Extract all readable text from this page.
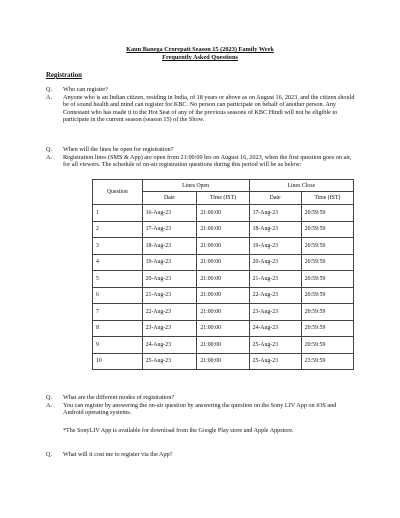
Kaun Banega Crorepati Season 15 (2023) Family Week
Frequently Asked Questions
Registration
Q.	Who can register?
A.	Anyone who is an Indian citizen, residing in India, of 18 years or above as on August 16, 2023, and the citizen should be of sound health and mind can register for KBC. No person can participate on behalf of another person. Any Contestant who has made it to the Hot Seat of any of the previous seasons of KBC Hindi will not be eligible to participate in the current season (season 15) of the Show.
Q.	When will the lines be open for registration?
A.	Registration lines (SMS & App) are open from 21:00:00 hrs on August 16, 2023, when the first question goes on air, for all viewers. The schedule of on-air registration questions during this period will be as below:
Question	Lines Open		Lines Close	
	Date	Time (IST)	Date	Time (IST)
1	16-Aug-23	21:00:00	17-Aug-23	20:59:59
2	17-Aug-23	21:00:00	18-Aug-23	20:59:59
3	18-Aug-23	21:00:00	19-Aug-23	20:59:59
4	19-Aug-23	21:00:00	20-Aug-23	20:59:59
5	20-Aug-23	21:00:00	21-Aug-23	20:59:59
6	21-Aug-23	21:00:00	22-Aug-23	20:59:59
7	22-Aug-23	21:00:00	23-Aug-23	20:59:59
8	23-Aug-23	21:00:00	24-Aug-23	20:59:59
9	24-Aug-23	21:00:00	25-Aug-23	20:59:59
10	25-Aug-23	21:00:00	25-Aug-23	23:59:59
Q.	What are the different modes of registration?
A.	You can register by answering the on-air question by answering the question on the Sony LIV App on iOS and Android operating systems.
*The SonyLIV App is available for download from the Google Play store and Apple Appstore.
Q.	What will it cost me to register via the App?
